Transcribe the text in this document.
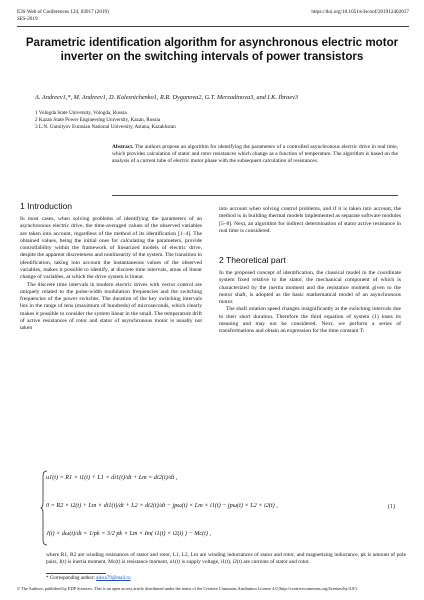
E3S Web of Conferences 124, 02017 (2019)
SES-2019
https://doi.org/10.1051/e3sconf/201912402017
Parametric identification algorithm for asynchronous electric motor inverter on the switching intervals of power transistors
A. Andreev1,*, M. Andreev1, D. Kolesnichenko1, R.R. Dyganova2, G.T. Merzadinova3, and I.K. Ibraev3
1 Vologda State University, Vologda, Russia
2 Kazan State Power Engineering University, Kazan, Russia
3 L.N. Gumilyov Eurasian National University, Astana, Kazakhstan
Abstract. The authors propose an algorithm for identifying the parameters of a controlled asynchronous electric drive in real time, which provides calculation of stator and rotor resistances which change as a function of temperature. The algorithm is based on the analysis of a current tube of electric motor phase with the subsequent calculation of resistances.
1 Introduction

In most cases, when solving problems of identifying the parameters of an asynchronous electric drive, the time-averaged values of the observed variables are taken into account, regardless of the method of its identification [1–4]. The obtained values, being the initial ones for calculating the parameters, provide controllability within the framework of linearized models of electric drive, despite the apparent discreteness and nonlinearity of the system. The transition to identification, taking into account the instantaneous values of the observed variables, makes it possible to identify, at discrete time intervals, areas of linear change of variables, at which the drive system is linear.

The discrete time intervals in modern electric drives with vector control are uniquely related to the pulse-width modulation frequencies and the switching frequencies of the power switches. The duration of the key switching intervals lies in the range of tens (maximum of hundreds) of microseconds, which clearly makes it possible to consider the system linear in the small. The temperature drift of active resistances of rotor and stator of asynchronous motor is usually not taken

into account when solving control problems, and if it is taken into account, the method is in building thermal models implemented as separate software modules [5–8]. Next, an algorithm for indirect determination of stator active resistance in real time is considered.

2 Theoretical part

In the proposed concept of identification, the classical model in the coordinate system fixed relative to the stator, the mechanical component of which is characterized by the inertia moment and the resistance moment given to the motor shaft, is adopted as the basic mathematical model of an asynchronous motor.

The shaft rotation speed changes insignificantly at the switching intervals due to their short duration. Therefore the third equation of system (1) loses its meaning and may not be considered. Next, we perform a series of transformations and obtain an expression for the time constant T:

u1(t) = R1 × i1(t) + L1 × di1(t)/dt + Lm × di2(t)/dt ,
0 = R2 × i2(t) + Lm × di1(t)/dt + L2 × di2(t)/dt − jpω(t) × Lm × i1(t) − jpω(t) × L2 × i2(t) ,
J(t) × dω(t)/dt × 1/pk = 3/2 pk × Lm × Im( i1(t) × i2(t) ) − Mc(t) ,
(1)
where R1, R2 are winding resistances of stator and rotor, L1, L2, Lm are winding inductances of stator and rotor, and magnetizing inductance, pk is amount of pole pairs, J(t) is inertia moment, Mc(t) is resistance moment, u1(t) is supply voltage, i1(t), i2(t) are currents of stator and rotor.
* Corresponding author: alexa79@mail.ru
© The Authors, published by EDP Sciences. This is an open access article distributed under the terms of the Creative Commons Attribution License 4.0 (http://creativecommons.org/licenses/by/4.0/).
